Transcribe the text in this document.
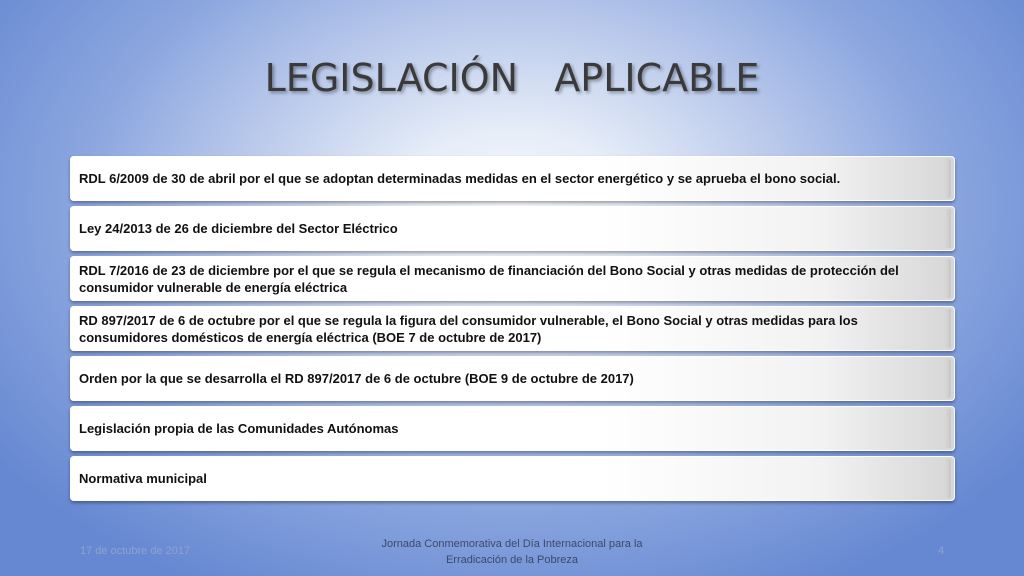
LEGISLACIÓN   APLICABLE
RDL 6/2009 de 30 de abril por el que se adoptan determinadas medidas en el sector energético y se aprueba el bono social.
Ley 24/2013 de 26 de diciembre del Sector Eléctrico
RDL 7/2016 de 23 de diciembre por el que se regula el mecanismo de financiación del Bono Social y otras medidas de protección del consumidor vulnerable de energía eléctrica
RD 897/2017 de 6 de octubre por el que se regula la figura del consumidor vulnerable, el Bono Social y otras medidas para los consumidores domésticos de energía eléctrica (BOE 7 de octubre de 2017)
Orden por la que se desarrolla el RD 897/2017 de 6 de octubre (BOE 9 de octubre de 2017)
Legislación propia de las Comunidades Autónomas
Normativa municipal
17 de octubre de 2017
Jornada Conmemorativa del Día Internacional para la
Erradicación de la Pobreza
4
